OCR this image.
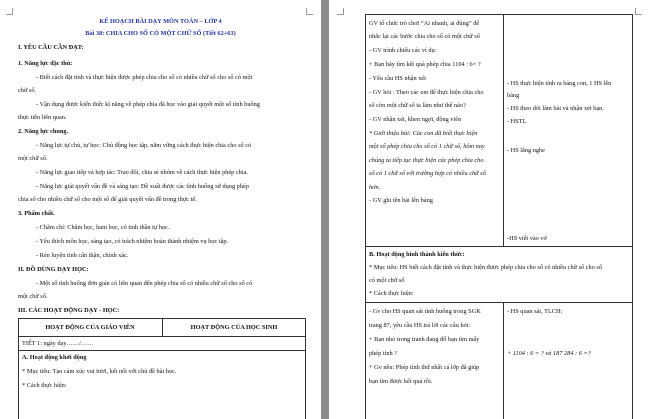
KẾ HOẠCH BÀI DẠY MÔN TOÁN – LỚP 4
Bài 38: CHIA CHO SỐ CÓ MỘT CHỮ SỐ (Tiết 62+63)
I. YÊU CẦU CẦN ĐẠT:
1. Năng lực đặc thù:
- Biết cách đặt tính và thực hiện được phép chia cho số có nhiều chữ số cho số có một
chữ số.
- Vận dụng được kiến thức kĩ năng về phép chia đã học vào giải quyết một số tình huống
thực tiễn liên quan.
2. Năng lực chung.
- Năng lực tự chủ, tự học: Chủ động học tập, nắm vững cách thực hiện chia cho số có
một chữ số.
- Năng lực giao tiếp và hợp tác: Trao đổi, chia sẻ nhóm về cách thực hiện phép chia.
- Năng lực giải quyết vấn đề và sáng tạo: Đề xuất được các tình huống sử dụng phép
chia số cho nhiều chữ số cho một số để giải quyết vấn đề trong thực tế.
3. Phẩm chất.
- Chăm chỉ: Chăm học, ham học, có tinh thần tự học.
- Yêu thích môn học, sáng tạo, có trách nhiệm hoàn thành nhiệm vụ học tập.
- Rèn luyện tính cẩn thận, chính xác.
II. ĐỒ DÙNG DẠY HỌC:
- Một số tình huống đơn giản có liên quan đến phép chia số có nhiều chữ số cho số có
một chữ số.
III. CÁC HOẠT ĐỘNG DẠY - HỌC:
HOẠT ĐỘNG CỦA GIÁO VIÊN	HOẠT ĐỘNG CỦA HỌC SINH
TIẾT 1: ngày dạy……/……
A. Hoạt động khởi động
* Mục tiêu: Tạo cảm xúc vui tươi, kết nối với chủ đề bài học.
* Cách thực hiện:
GV tổ chức trò chơi “Ai nhanh, ai đúng” để
nhắc lại các bước chia cho số có một chữ số
- GV trình chiếu các ví dụ:
+ Bạn hãy tìm kết quả phép chia 1104 : 6= ?
- Yêu cầu HS nhận xét
- GV hỏi : Theo các em để thực hiện chia cho
số còn một chữ số ta làm như thế nào?
- GV nhận xét, khen ngợi, động viên
* Giới thiệu bài: Các con đã biết thực hiện
một số phép chia cho số có 1 chữ số, hôm nay
chúng ta tiếp tục thực hiện các phép chia cho
số có 1 chữ số với trường hợp có nhiều chữ số
hơn.
- GV ghi tên bài lên bảng
- HS thực hiện tính ra bảng con, 1 HS lên
bảng
- HS theo dõi làm bài và nhận xét bạn.
- HSTL
- HS lắng nghe
-HS viết vào vở
B. Hoạt động hình thành kiến thức:
* Mục tiêu: HS biết cách đặt tính và thực hiện được phép chia cho số có nhiều chữ số cho số
có một chữ số
* Cách thực hiện:
- Gv cho HS quan sát tình huống trong SGK
trang 87, yêu cầu HS trả lời các câu hỏi:
+ Bạn nhỏ trong tranh đang đố bạn tìm mấy
phép tính ?
+ Gv nêu: Phép tính thứ nhất cả lớp đã giúp
bạn tìm được kết quả rồi.
- HS quan sát, TLCH:
+ 1104 : 6 = ? và 187 284 : 6 =?
